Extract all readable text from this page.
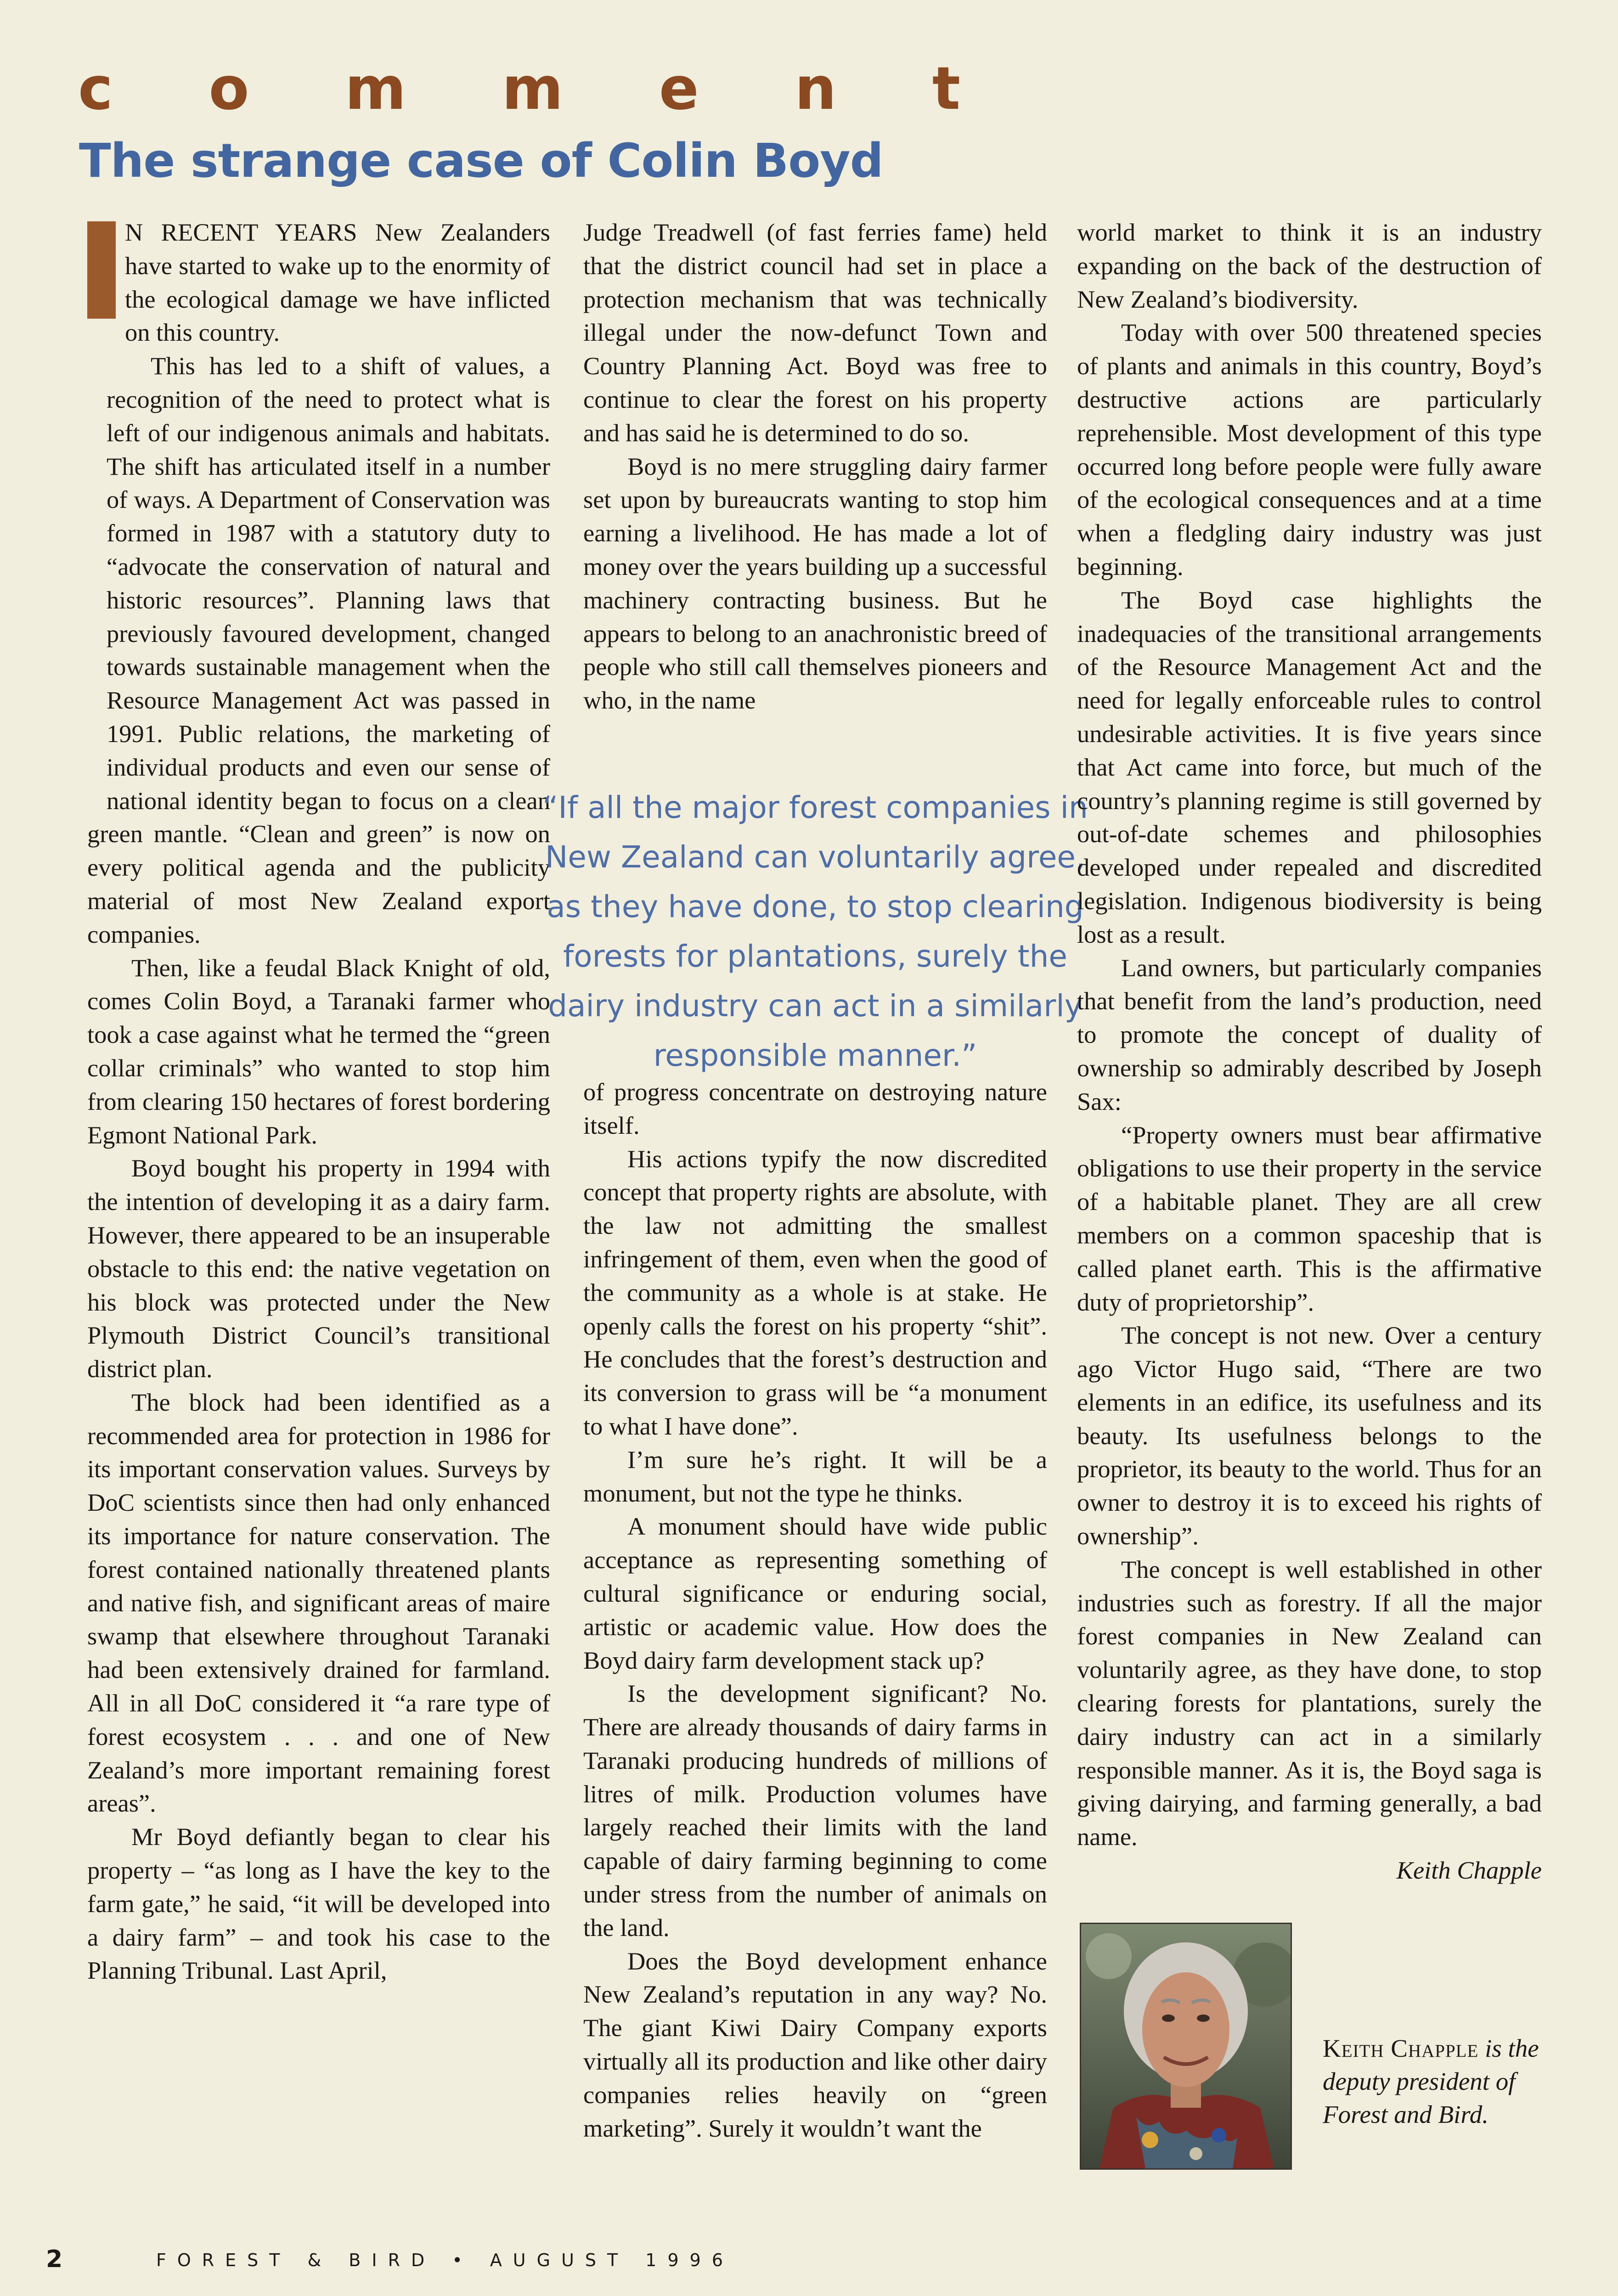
c o m m e n t
The strange case of Colin Boyd

N RECENT YEARS New Zealanders have started to wake up to the enormity of the ecological damage we have inflicted on this country.

This has led to a shift of values, a recognition of the need to protect what is left of our indigenous animals and habitats. The shift has articulated itself in a number of ways. A Department of Conservation was formed in 1987 with a statutory duty to “advocate the conservation of natural and historic resources”. Planning laws that previously favoured development, changed towards sustainable management when the Resource Management Act was passed in 1991. Public relations, the marketing of individual products and even our sense of national identity began to focus on a clean green mantle. “Clean and green” is now on every political agenda and the publicity material of most New Zealand export companies.

Then, like a feudal Black Knight of old, comes Colin Boyd, a Taranaki farmer who took a case against what he termed the “green collar criminals” who wanted to stop him from clearing 150 hectares of forest bordering Egmont National Park.

Boyd bought his property in 1994 with the intention of developing it as a dairy farm. However, there appeared to be an insuperable obstacle to this end: the native vegetation on his block was protected under the New Plymouth District Council’s transitional district plan.

The block had been identified as a recommended area for protection in 1986 for its important conservation values. Surveys by DoC scientists since then had only enhanced its importance for nature conservation. The forest contained nationally threatened plants and native fish, and significant areas of maire swamp that elsewhere throughout Taranaki had been extensively drained for farmland. All in all DoC considered it “a rare type of forest ecosystem . . . and one of New Zealand’s more important remaining forest areas”.

Mr Boyd defiantly began to clear his property – “as long as I have the key to the farm gate,” he said, “it will be developed into a dairy farm” – and took his case to the Planning Tribunal. Last April,

Judge Treadwell (of fast ferries fame) held that the district council had set in place a protection mechanism that was technically illegal under the now-defunct Town and Country Planning Act. Boyd was free to continue to clear the forest on his property and has said he is determined to do so.

Boyd is no mere struggling dairy farmer set upon by bureaucrats wanting to stop him earning a livelihood. He has made a lot of money over the years building up a successful machinery contracting business. But he appears to belong to an anachronistic breed of people who still call themselves pioneers and who, in the name

of progress concentrate on destroying nature itself.

His actions typify the now discredited concept that property rights are absolute, with the law not admitting the smallest infringement of them, even when the good of the community as a whole is at stake. He openly calls the forest on his property “shit”. He concludes that the forest’s destruction and its conversion to grass will be “a monument to what I have done”.

I’m sure he’s right. It will be a monument, but not the type he thinks.

A monument should have wide public acceptance as representing something of cultural significance or enduring social, artistic or academic value. How does the Boyd dairy farm development stack up?

Is the development significant? No. There are already thousands of dairy farms in Taranaki producing hundreds of millions of litres of milk. Production volumes have largely reached their limits with the land capable of dairy farming beginning to come under stress from the number of animals on the land.

Does the Boyd development enhance New Zealand’s reputation in any way? No. The giant Kiwi Dairy Company exports virtually all its production and like other dairy companies relies heavily on “green marketing”. Surely it wouldn’t want the

“If all the major forest companies in New Zealand can voluntarily agree, as they have done, to stop clearing forests for plantations, surely the dairy industry can act in a similarly responsible manner.”

world market to think it is an industry expanding on the back of the destruction of New Zealand’s biodiversity.

Today with over 500 threatened species of plants and animals in this country, Boyd’s destructive actions are particularly reprehensible. Most development of this type occurred long before people were fully aware of the ecological consequences and at a time when a fledgling dairy industry was just beginning.

The Boyd case highlights the inadequacies of the transitional arrangements of the Resource Management Act and the need for legally enforceable rules to control undesirable activities. It is five years since that Act came into force, but much of the country’s planning regime is still governed by out-of-date schemes and philosophies developed under repealed and discredited legislation. Indigenous biodiversity is being lost as a result.

Land owners, but particularly companies that benefit from the land’s production, need to promote the concept of duality of ownership so admirably described by Joseph Sax:

“Property owners must bear affirmative obligations to use their property in the service of a habitable planet. They are all crew members on a common spaceship that is called planet earth. This is the affirmative duty of proprietorship”.

The concept is not new. Over a century ago Victor Hugo said, “There are two elements in an edifice, its usefulness and its beauty. Its usefulness belongs to the proprietor, its beauty to the world. Thus for an owner to destroy it is to exceed his rights of ownership”.

The concept is well established in other industries such as forestry. If all the major forest companies in New Zealand can voluntarily agree, as they have done, to stop clearing forests for plantations, surely the dairy industry can act in a similarly responsible manner. As it is, the Boyd saga is giving dairying, and farming generally, a bad name.

Keith Chapple

Keith Chapple is the deputy president of Forest and Bird.
2	FOREST & BIRD • AUGUST 1996
